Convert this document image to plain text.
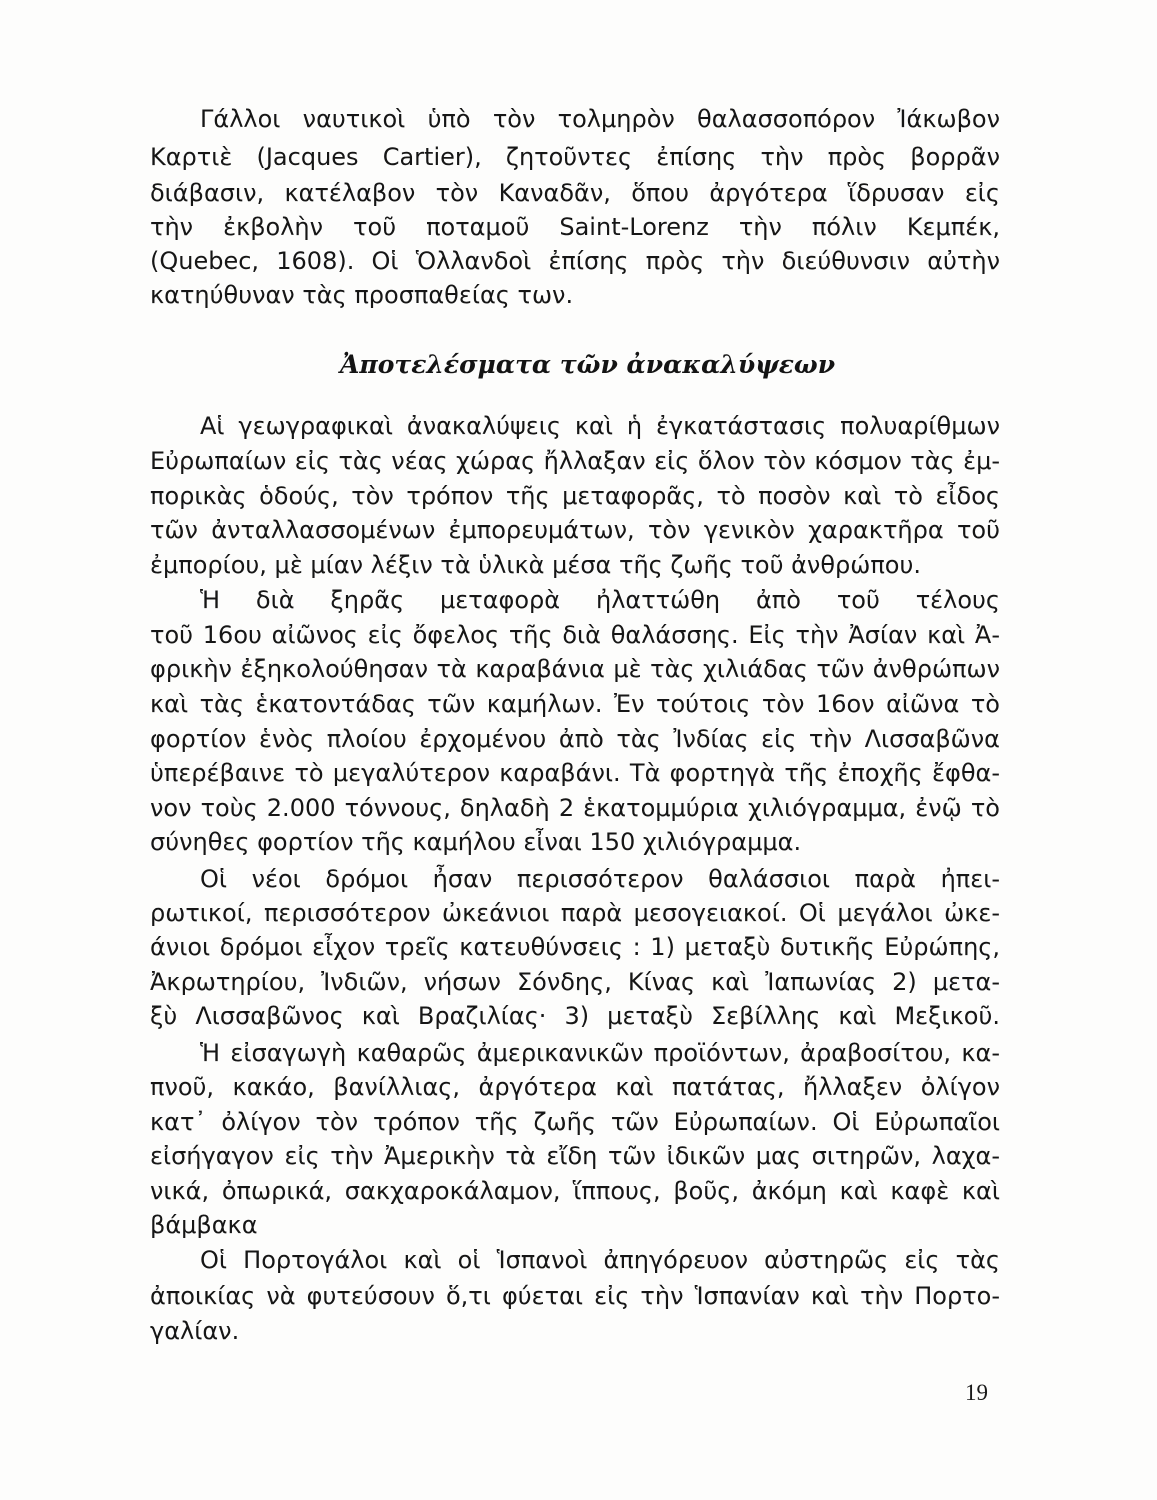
Γάλλοι ναυτικοὶ ὑπὸ τὸν τολμηρὸν θαλασσοπόρον Ἰάκωβον

Καρτιὲ (Jacques Cartier), ζητοῦντες ἐπίσης τὴν πρὸς βορρᾶν

διάβασιν, κατέλαβον τὸν Καναδᾶν, ὅπου ἀργότερα ἵδρυσαν εἰς

τὴν ἐκβολὴν τοῦ ποταμοῦ Saint-Lorenz τὴν πόλιν Κεμπέκ,

(Quebec, 1608). Οἱ Ὁλλανδοὶ ἐπίσης πρὸς τὴν διεύθυνσιν αὐτὴν

κατηύθυναν τὰς προσπαθείας των.

Ἀποτελέσματα τῶν ἀνακαλύψεων

Αἱ γεωγραφικαὶ ἀνακαλύψεις καὶ ἡ ἐγκατάστασις πολυαρίθμων

Εὐρωπαίων εἰς τὰς νέας χώρας ἤλλαξαν εἰς ὅλον τὸν κόσμον τὰς ἐμ-

πορικὰς ὁδούς, τὸν τρόπον τῆς μεταφορᾶς, τὸ ποσὸν καὶ τὸ εἶδος

τῶν ἀνταλλασσομένων ἐμπορευμάτων, τὸν γενικὸν χαρακτῆρα τοῦ

ἐμπορίου, μὲ μίαν λέξιν τὰ ὑλικὰ μέσα τῆς ζωῆς τοῦ ἀνθρώπου.

Ἡ διὰ ξηρᾶς μεταφορὰ ἠλαττώθη ἀπὸ τοῦ τέλους

τοῦ 16ου αἰῶνος εἰς ὄφελος τῆς διὰ θαλάσσης. Εἰς τὴν Ἀσίαν καὶ Ἀ-

φρικὴν ἐξηκολούθησαν τὰ καραβάνια μὲ τὰς χιλιάδας τῶν ἀνθρώπων

καὶ τὰς ἑκατοντάδας τῶν καμήλων. Ἐν τούτοις τὸν 16ον αἰῶνα τὸ

φορτίον ἑνὸς πλοίου ἐρχομένου ἀπὸ τὰς Ἰνδίας εἰς τὴν Λισσαβῶνα

ὑπερέβαινε τὸ μεγαλύτερον καραβάνι. Τὰ φορτηγὰ τῆς ἐποχῆς ἔφθα-

νον τοὺς 2.000 τόννους, δηλαδὴ 2 ἑκατομμύρια χιλιόγραμμα, ἐνῷ τὸ

σύνηθες φορτίον τῆς καμήλου εἶναι 150 χιλιόγραμμα.

Οἱ νέοι δρόμοι ἦσαν περισσότερον θαλάσσιοι παρὰ ἠπει-

ρωτικοί, περισσότερον ὠκεάνιοι παρὰ μεσογειακοί. Οἱ μεγάλοι ὠκε-

άνιοι δρόμοι εἶχον τρεῖς κατευθύνσεις : 1) μεταξὺ δυτικῆς Εὐρώπης,

Ἀκρωτηρίου, Ἰνδιῶν, νήσων Σόνδης, Κίνας καὶ Ἰαπωνίας 2) μετα-

ξὺ Λισσαβῶνος καὶ Βραζιλίας· 3) μεταξὺ Σεβίλλης καὶ Μεξικοῦ.

Ἡ εἰσαγωγὴ καθαρῶς ἀμερικανικῶν προϊόντων, ἀραβοσίτου, κα-

πνοῦ, κακάο, βανίλλιας, ἀργότερα καὶ πατάτας, ἤλλαξεν ὀλίγον

κατ᾽ ὀλίγον τὸν τρόπον τῆς ζωῆς τῶν Εὐρωπαίων. Οἱ Εὐρωπαῖοι

εἰσήγαγον εἰς τὴν Ἀμερικὴν τὰ εἴδη τῶν ἰδικῶν μας σιτηρῶν, λαχα-

νικά, ὀπωρικά, σακχαροκάλαμον, ἵππους, βοῦς, ἀκόμη καὶ καφὲ καὶ

βάμβακα

Οἱ Πορτογάλοι καὶ οἱ Ἱσπανοὶ ἀπηγόρευον αὐστηρῶς εἰς τὰς

ἀποικίας νὰ φυτεύσουν ὅ,τι φύεται εἰς τὴν Ἱσπανίαν καὶ τὴν Πορτο-

γαλίαν.

19
